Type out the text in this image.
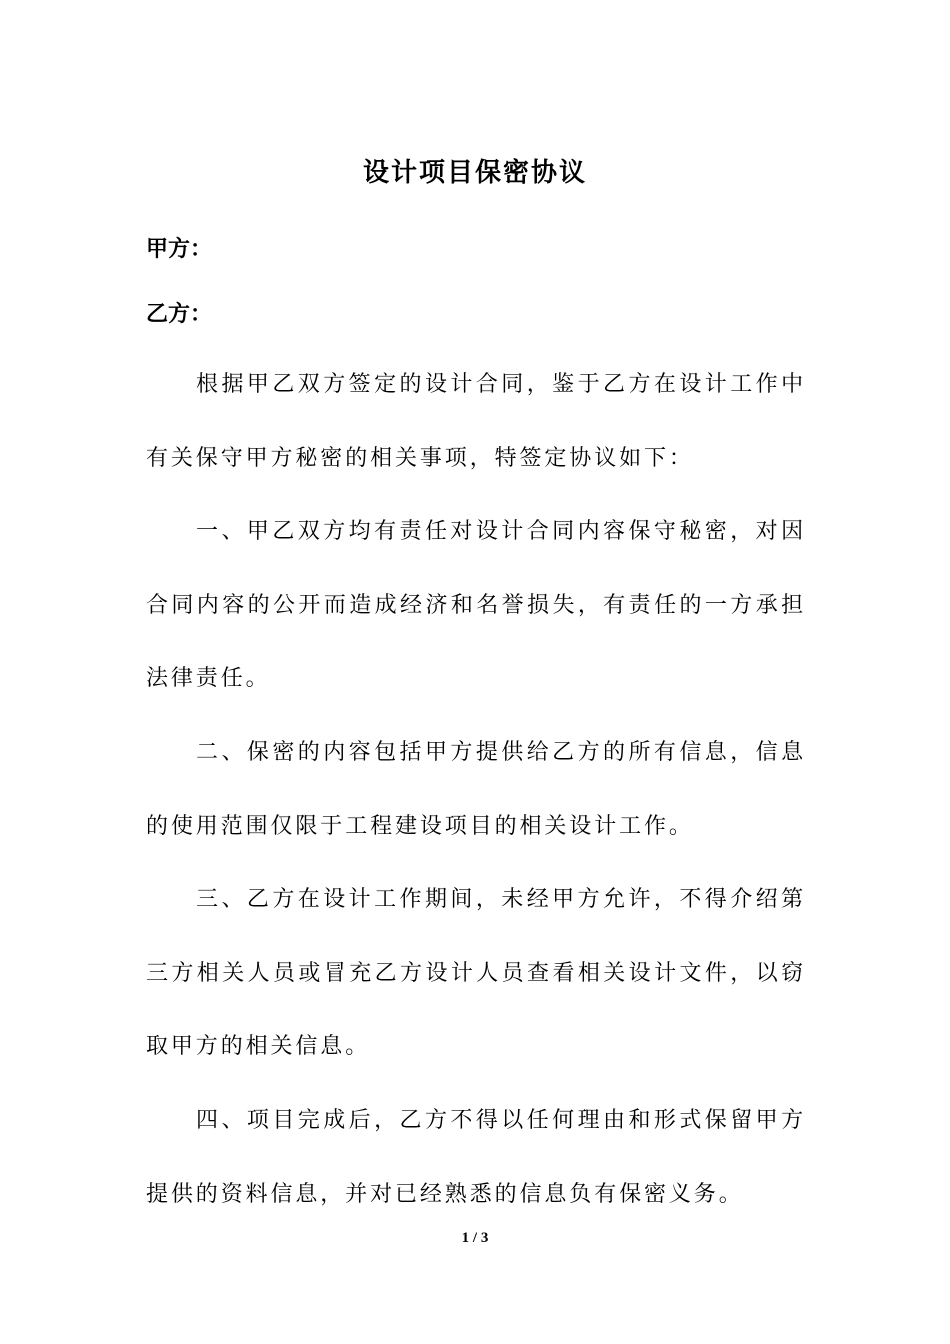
设计项目保密协议
甲方：
乙方：

根据甲乙双方签定的设计合同，鉴于乙方在设计工作中有关保守甲方秘密的相关事项，特签定协议如下：

一、甲乙双方均有责任对设计合同内容保守秘密，对因合同内容的公开而造成经济和名誉损失，有责任的一方承担法律责任。

二、保密的内容包括甲方提供给乙方的所有信息，信息的使用范围仅限于工程建设项目的相关设计工作。

三、乙方在设计工作期间，未经甲方允许，不得介绍第三方相关人员或冒充乙方设计人员查看相关设计文件，以窃取甲方的相关信息。

四、项目完成后，乙方不得以任何理由和形式保留甲方提供的资料信息，并对已经熟悉的信息负有保密义务。

1 / 3
